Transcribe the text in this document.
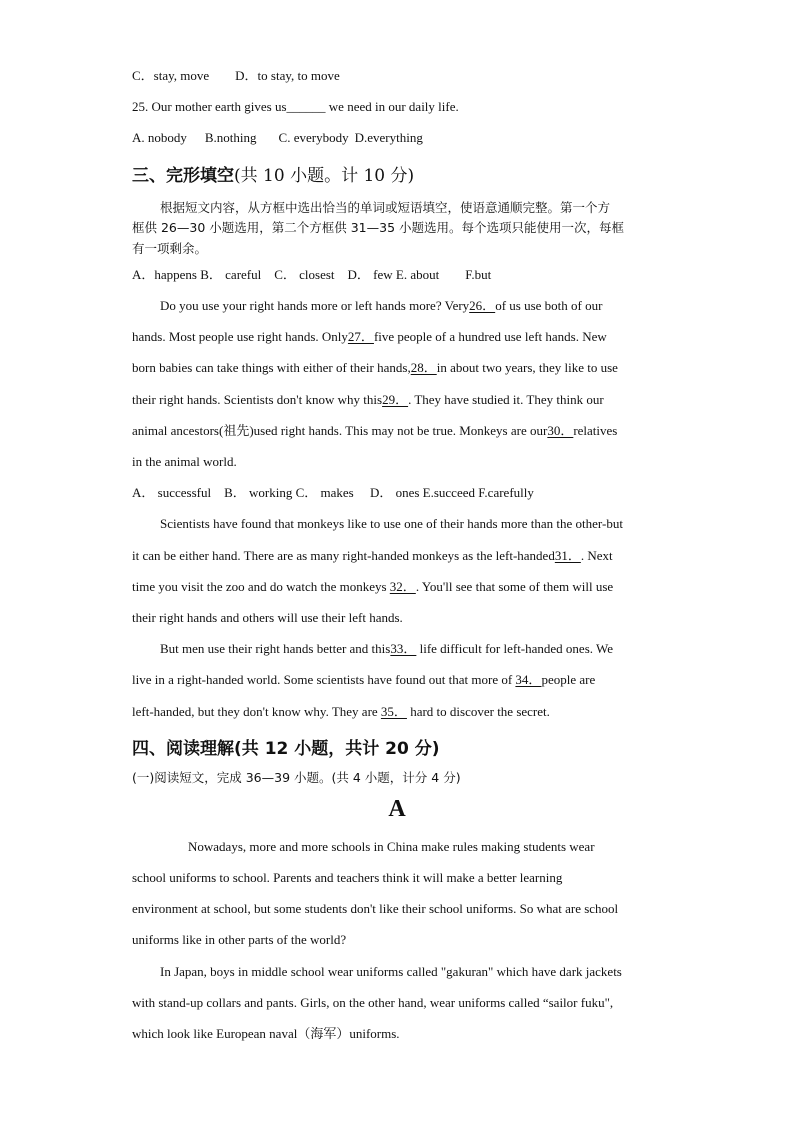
C．stay, move D．to stay, to move
25. Our mother earth gives us______ we need in our daily life.
A. nobody B.nothing C. everybody D.everything
三、完形填空(共 10 小题。计 10 分)
根据短文内容，从方框中选出恰当的单词或短语填空，使语意通顺完整。第一个方
框供 26—30 小题选用，第二个方框供 31—35 小题选用。每个选项只能使用一次，每框
有一项剩余。
A．happens B． careful    C． closest    D． few E. about        F.but
Do you use your right hands more or left hands more? Very26．of us use both of our
hands. Most people use right hands. Only27．five people of a hundred use left hands. New
born babies can take things with either of their hands,28．in about two years, they like to use
their right hands. Scientists don't know why this29．. They have studied it. They think our
animal ancestors(祖先)used right hands. This may not be true. Monkeys are our30．relatives
in the animal world.
A． successful    B． working C． makes     D． ones E.succeed F.carefully
Scientists have found that monkeys like to use one of their hands more than the other-but
it can be either hand. There are as many right-handed monkeys as the left-handed31．. Next
time you visit the zoo and do watch the monkeys 32．. You'll see that some of them will use
their right hands and others will use their left hands.
But men use their right hands better and this33． life difficult for left-handed ones. We
live in a right-handed world. Some scientists have found out that more of 34．people are
left-handed, but they don't know why. They are 35． hard to discover the secret.
四、阅读理解(共 12 小题，共计 20 分)
(一)阅读短文，完成 36—39 小题。(共 4 小题，计分 4 分)
A
Nowadays, more and more schools in China make rules making students wear
school uniforms to school. Parents and teachers think it will make a better learning
environment at school, but some students don't like their school uniforms. So what are school
uniforms like in other parts of the world?
In Japan, boys in middle school wear uniforms called "gakuran" which have dark jackets
with stand-up collars and pants. Girls, on the other hand, wear uniforms called “sailor fuku",
which look like European naval（海军）uniforms.
